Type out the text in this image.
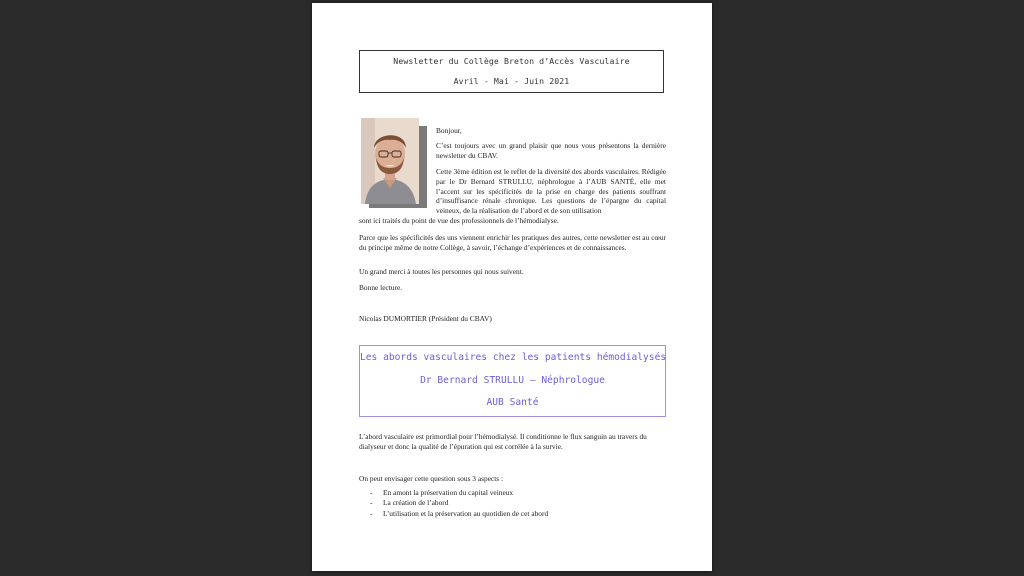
Newsletter du Collège Breton d’Accès Vasculaire
Avril - Mai - Juin 2021

Bonjour,

C’est toujours avec un grand plaisir que nous vous présentons la dernière newsletter du CBAV.

Cette 3ème édition est le reflet de la diversité des abords vasculaires. Rédigée par le Dr Bernard STRULLU, néphrologue à l’AUB SANTÉ, elle met l’accent sur les spécificités de la prise en charge des patients souffrant d’insuffisance rénale chronique. Les questions de l’épargne du capital veineux, de la réalisation de l’abord et de son utilisation

sont ici traités du point de vue des professionnels de l’hémodialyse.

Parce que les spécificités des uns viennent enrichir les pratiques des autres, cette newsletter est au cœur du principe même de notre Collège, à savoir, l’échange d’expériences et de connaissances.

Un grand merci à toutes les personnes qui nous suivent.

Bonne lecture.

Nicolas DUMORTIER (Président du CBAV)

Les abords vasculaires chez les patients hémodialysés
Dr Bernard STRULLU – Néphrologue
AUB Santé

L’abord vasculaire est primordial pour l’hémodialysé. Il conditionne le flux sanguin au travers du dialyseur et donc la qualité de l’épuration qui est corrélée à la survie.

On peut envisager cette question sous 3 aspects :

- En amont la préservation du capital veineux
- La création de l’abord
- L’utilisation et la préservation au quotidien de cet abord
